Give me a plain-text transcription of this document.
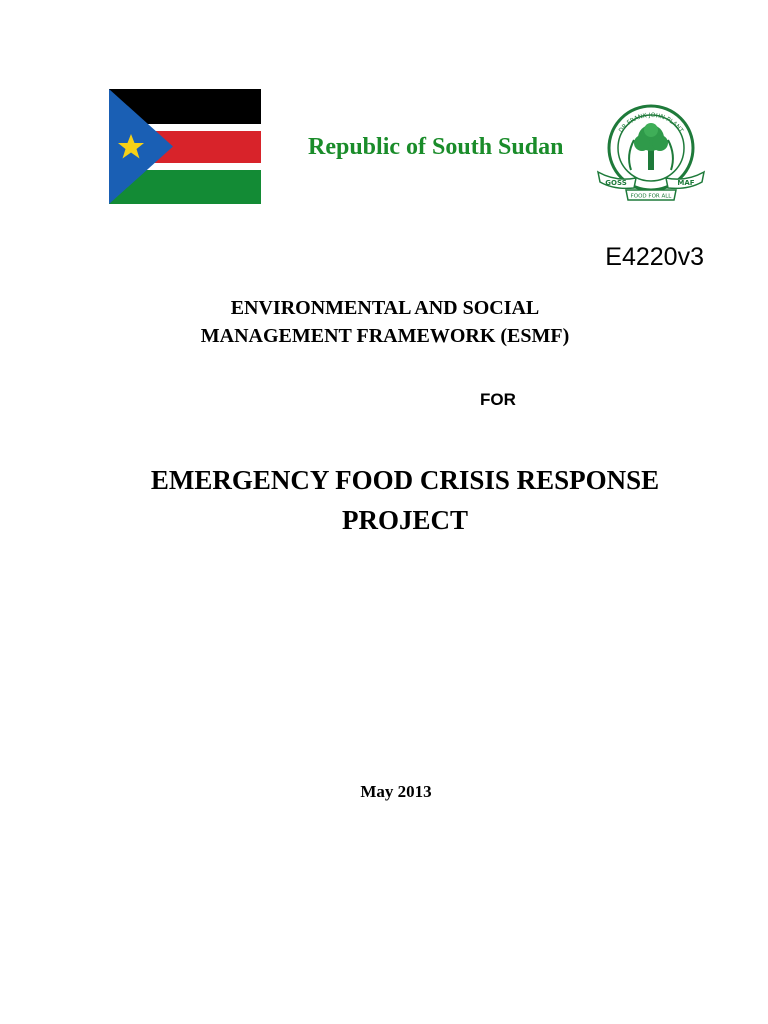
Republic of South Sudan
DR FRANK JOHN PLANT
GOSS	MAF
FOOD FOR ALL
E4220v3
ENVIRONMENTAL AND SOCIAL
MANAGEMENT FRAMEWORK (ESMF)
FOR
EMERGENCY FOOD CRISIS RESPONSE
PROJECT
May 2013
